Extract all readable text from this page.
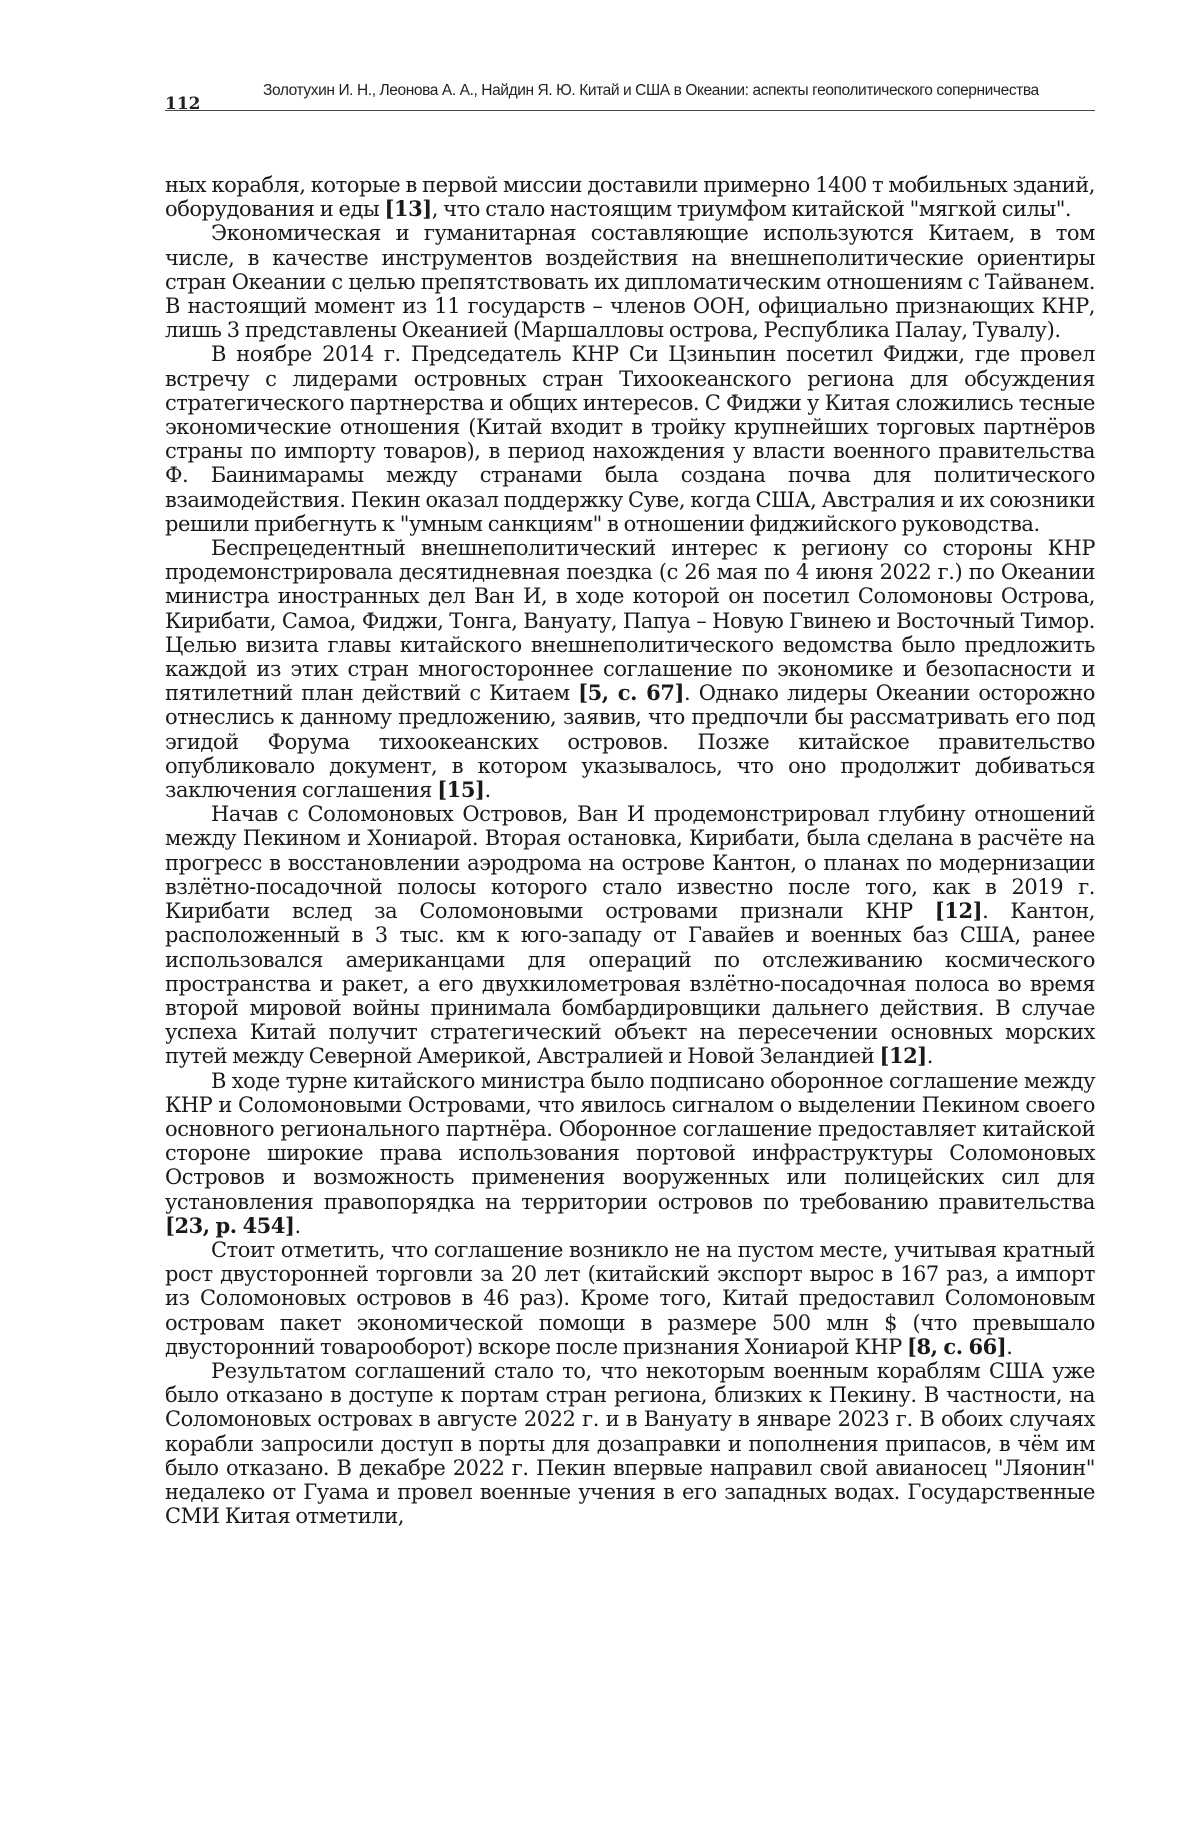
112
Золотухин И. Н., Леонова А. А., Найдин Я. Ю. Китай и США в Океании: аспекты геополитического соперничества

ных корабля, которые в первой миссии доставили примерно 1400 т мобильных зданий, оборудования и еды [13], что стало настоящим триумфом китайской "мягкой силы".

Экономическая и гуманитарная составляющие используются Китаем, в том числе, в качестве инструментов воздействия на внешнеполитические ориентиры стран Океании с целью препятствовать их дипломатическим от­ношениям с Тайванем. В настоящий момент из 11 государств – членов ООН, официально признающих КНР, лишь 3 представлены Океанией (Маршалло­вы острова, Республика Палау, Тувалу).

В ноябре 2014 г. Председатель КНР Си Цзиньпин посетил Фиджи, где провел встречу с лидерами островных стран Тихоокеанского региона для об­суждения стратегического партнерства и общих интересов. С Фиджи у Китая сложились тесные экономические отношения (Китай входит в тройку круп­нейших торговых партнёров страны по импорту товаров), в период нахожде­ния у власти военного правительства Ф. Баинимарамы между странами была создана почва для политического взаимодействия. Пекин оказал поддержку Суве, когда США, Австралия и их союзники решили прибегнуть к "умным санкциям" в отношении фиджийского руководства.

Беспрецедентный внешнеполитический интерес к региону со стороны КНР продемонстрировала десятидневная поездка (с 26 мая по 4 июня 2022 г.) по Океании министра иностранных дел Ван И, в ходе которой он посетил Соломоновы Острова, Кирибати, Самоа, Фиджи, Тонга, Вануату, Папуа – Но­вую Гвинею и Восточный Тимор. Целью визита главы китайского внешнепо­литического ведомства было предложить каждой из этих стран многосторон­нее соглашение по экономике и безопасности и пятилетний план действий с Китаем [5, с. 67]. Однако лидеры Океании осторожно отнеслись к данному предложению, заявив, что предпочли бы рассматривать его под эгидой Фо­рума тихоокеанских островов. Позже китайское правительство опубликовало документ, в котором указывалось, что оно продолжит добиваться заключения соглашения [15].

Начав с Соломоновых Островов, Ван И продемонстрировал глубину от­ношений между Пекином и Хониарой. Вторая остановка, Кирибати, была сде­лана в расчёте на прогресс в восстановлении аэродрома на острове Кантон, о планах по модернизации взлётно-посадочной полосы которого стало известно после того, как в 2019 г. Кирибати вслед за Соломоновыми островами при­знали КНР [12]. Кантон, расположенный в 3 тыс. км к юго-западу от Гавайев и военных баз США, ранее использовался американцами для операций по отслеживанию космического пространства и ракет, а его двухкилометровая взлётно-посадочная полоса во время второй мировой войны принимала бом­бардировщики дальнего действия. В случае успеха Китай получит стратеги­ческий объект на пересечении основных морских путей между Северной Аме­рикой, Австралией и Новой Зеландией [12].

В ходе турне китайского министра было подписано оборонное согла­шение между КНР и Соломоновыми Островами, что явилось сигналом о вы­делении Пекином своего основного регионального партнёра. Оборонное со­глашение предоставляет китайской стороне широкие права использования портовой инфраструктуры Соломоновых Островов и возможность применения вооруженных или полицейских сил для установления правопорядка на тер­ритории островов по требованию правительства [23, р. 454].

Стоит отметить, что соглашение возникло не на пустом месте, учитывая кратный рост двусторонней торговли за 20 лет (китайский экспорт вырос в 167 раз, а импорт из Соломоновых островов в 46 раз). Кроме того, Китай пре­доставил Соломоновым островам пакет экономической помощи в размере 500 млн $ (что превышало двусторонний товарооборот) вскоре после признания Хониарой КНР [8, с. 66].

Результатом соглашений стало то, что некоторым военным кораблям США уже было отказано в доступе к портам стран региона, близких к Пекину. В частности, на Соломоновых островах в августе 2022 г. и в Вануату в январе 2023 г. В обоих случаях корабли запросили доступ в порты для дозаправки и пополнения припасов, в чём им было отказано. В декабре 2022 г. Пекин впервые направил свой авианосец "Ляонин" недалеко от Гуама и провел во­енные учения в его западных водах. Государственные СМИ Китая отметили,
